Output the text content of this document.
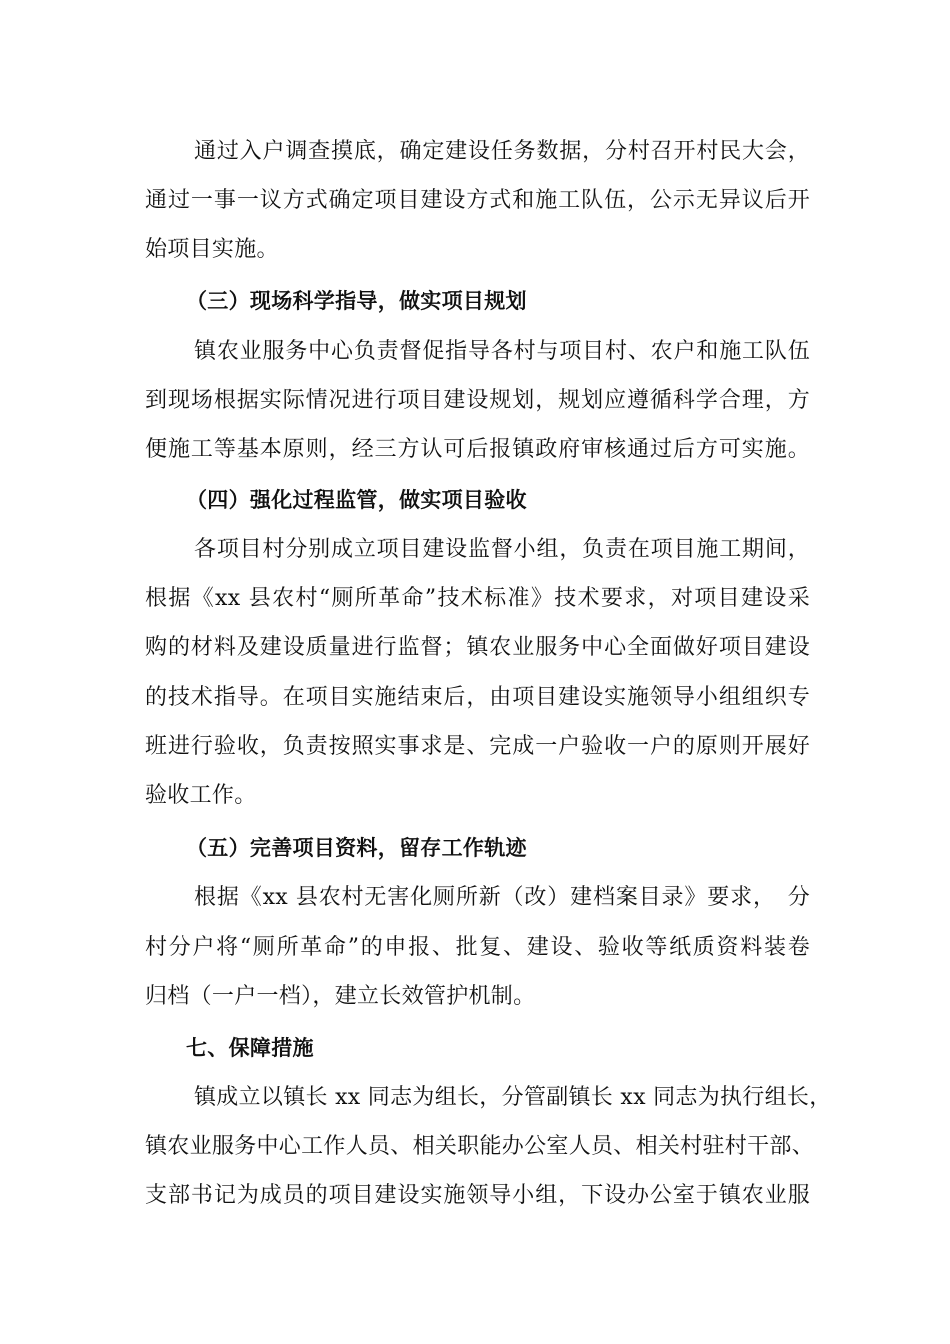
通过入户调查摸底，确定建设任务数据，分村召开村民大会，
通过一事一议方式确定项目建设方式和施工队伍，公示无异议后开
始项目实施。
（三）现场科学指导，做实项目规划
镇农业服务中心负责督促指导各村与项目村、农户和施工队伍
到现场根据实际情况进行项目建设规划，规划应遵循科学合理，方
便施工等基本原则，经三方认可后报镇政府审核通过后方可实施。
（四）强化过程监管，做实项目验收
各项目村分别成立项目建设监督小组，负责在项目施工期间，
根据《xx 县农村“厕所革命”技术标准》技术要求，对项目建设采
购的材料及建设质量进行监督；镇农业服务中心全面做好项目建设
的技术指导。在项目实施结束后，由项目建设实施领导小组组织专
班进行验收，负责按照实事求是、完成一户验收一户的原则开展好
验收工作。
（五）完善项目资料，留存工作轨迹
根据《xx 县农村无害化厕所新（改）建档案目录》要求，　分
村分户将“厕所革命”的申报、批复、建设、验收等纸质资料装卷
归档（一户一档），建立长效管护机制。
七、保障措施
镇成立以镇长 xx 同志为组长，分管副镇长 xx 同志为执行组长，
镇农业服务中心工作人员、相关职能办公室人员、相关村驻村干部、
支部书记为成员的项目建设实施领导小组，下设办公室于镇农业服
